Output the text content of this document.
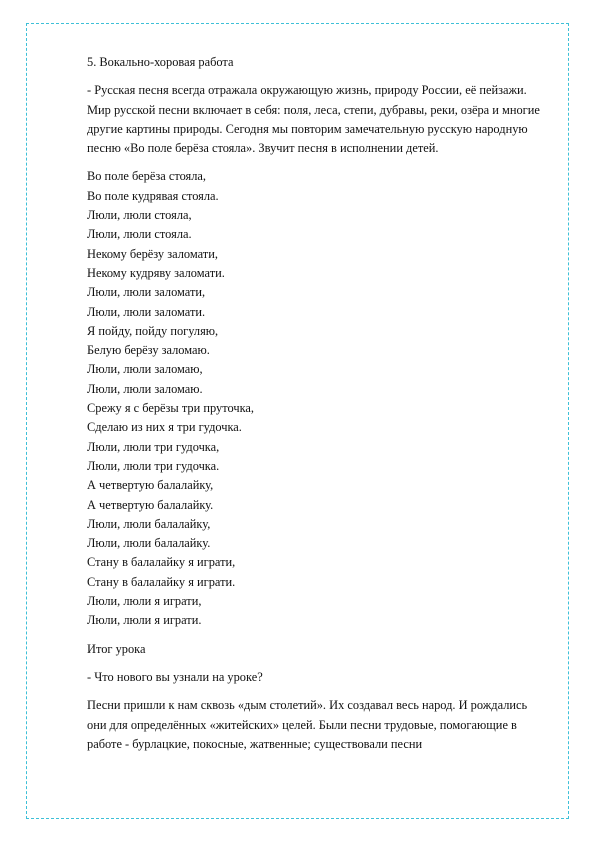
5. Вокально-хоровая работа

- Русская песня всегда отражала окружающую жизнь, природу России, её пейзажи. Мир русской песни включает в себя: поля, леса, степи, дубравы, реки, озёра и многие другие картины природы. Сегодня мы повторим замечательную русскую народную песню «Во поле берёза стояла». Звучит песня в исполнении детей.

Во поле берёза стояла,

Во поле кудрявая стояла.

Люли, люли стояла,

Люли, люли стояла.

Некому берёзу заломати,

Некому кудряву заломати.

Люли, люли заломати,

Люли, люли заломати.

Я пойду, пойду погуляю,

Белую берёзу заломаю.

Люли, люли заломаю,

Люли, люли заломаю.

Срежу я с берёзы три пруточка,

Сделаю из них я три гудочка.

Люли, люли три гудочка,

Люли, люли три гудочка.

А четвертую балалайку,

А четвертую балалайку.

Люли, люли балалайку,

Люли, люли балалайку.

Стану в балалайку я играти,

Стану в балалайку я играти.

Люли, люли я играти,

Люли, люли я играти.

Итог урока

- Что нового вы узнали на уроке?

Песни пришли к нам сквозь «дым столетий». Их создавал весь народ. И рождались они для определённых «житейских» целей. Были песни трудовые, помогающие в работе - бурлацкие, покосные, жатвенные; существовали песни
